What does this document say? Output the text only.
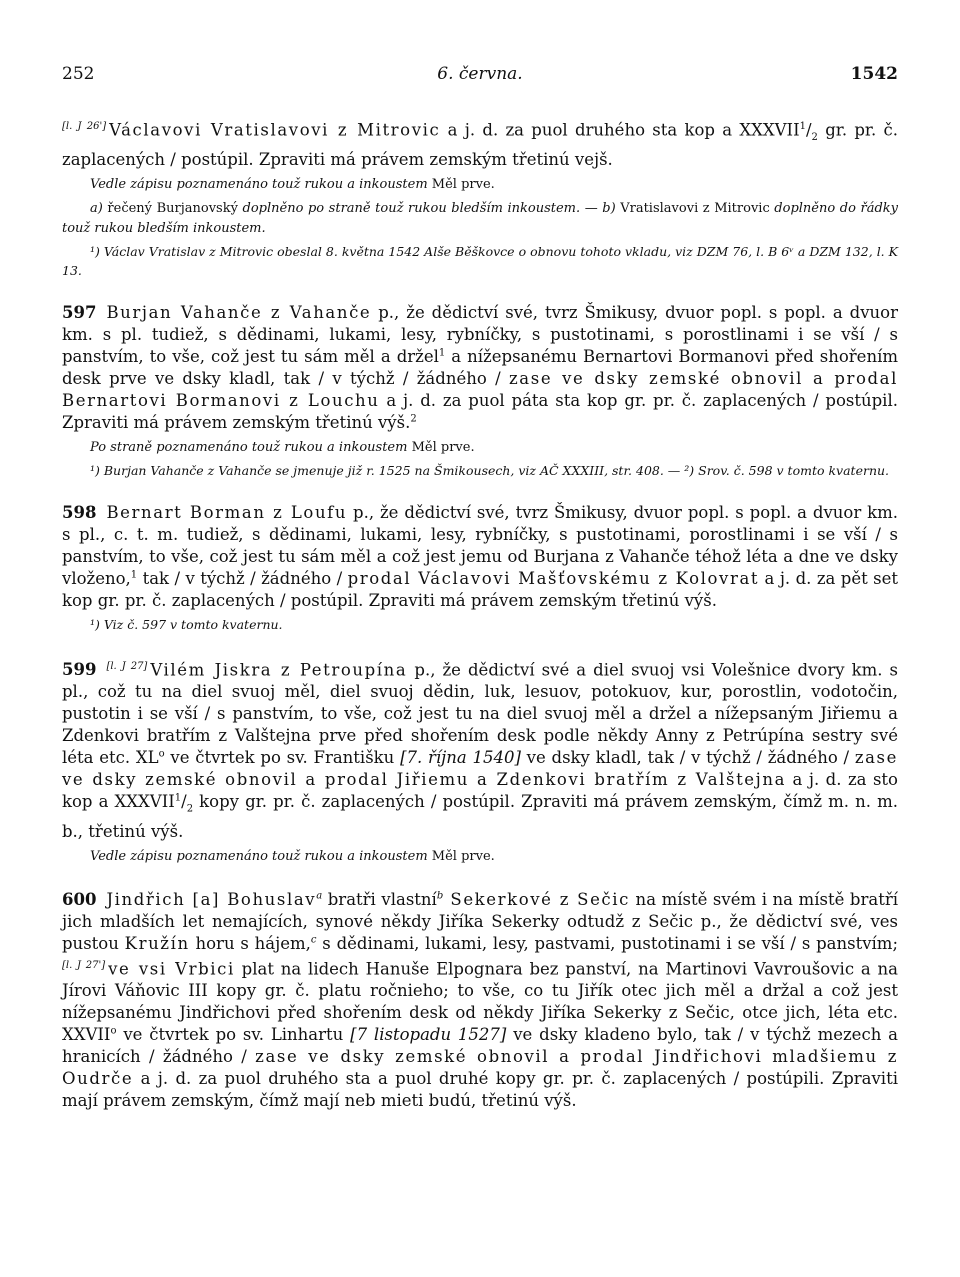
252	6. června.	1542

[l. J 26'] Václavovi Vratislavovi z Mitrovic a j. d. za puol druhého sta kop a $XXXVII^1/_2$ gr. pr. č. zaplacených / postúpil. Zpraviti má právem zemským třetinú vejš.

Vedle zápisu poznamenáno touž rukou a inkoustem Měl prve.

a) řečený Burjanovský doplněno po straně touž rukou bledším inkoustem. — b) Vratislavovi z Mitrovic doplněno do řádky touž rukou bledším inkoustem.

¹) Václav Vratislav z Mitrovic obeslal 8. května 1542 Alše Běškovce o obnovu tohoto vkladu, viz DZM 76, l. B 6ᵛ a DZM 132, l. K 13.

597 Burjan Vahanče z Vahanče p., že dědictví své, tvrz Šmikusy, dvuor popl. s popl. a dvuor km. s pl. tudiež, s dědinami, lukami, lesy, rybníčky, s pustotinami, s porostlinami i se vší / s panstvím, to vše, což jest tu sám měl a držel$^1$ a nížepsanému Bernartovi Bormanovi před shořením desk prve ve dsky kladl, tak / v týchž / žádného / zase ve dsky zemské obnovil a prodal Bernartovi Bormanovi z Louchu a j. d. za puol páta sta kop gr. pr. č. zaplacených / postúpil. Zpraviti má právem zemským třetinú výš.$^2$

Po straně poznamenáno touž rukou a inkoustem Měl prve.

¹) Burjan Vahanče z Vahanče se jmenuje již r. 1525 na Šmikousech, viz AČ XXXIII, str. 408. — ²) Srov. č. 598 v tomto kvaternu.

598 Bernart Borman z Loufu p., že dědictví své, tvrz Šmikusy, dvuor popl. s popl. a dvuor km. s pl., c. t. m. tudiež, s dědinami, lukami, lesy, rybníčky, s pustotinami, porostlinami i se vší / s panstvím, to vše, což jest tu sám měl a což jest jemu od Burjana z Vahanče téhož léta a dne ve dsky vloženo,$^1$ tak / v týchž / žádného / prodal Václavovi Mašťovskému z Kolovrat a j. d. za pět set kop gr. pr. č. zaplacených / postúpil. Zpraviti má právem zemským třetinú výš.

¹) Viz č. 597 v tomto kvaternu.

599 [l. J 27] Vilém Jiskra z Petroupína p., že dědictví své a diel svuoj vsi Volešnice dvory km. s pl., což tu na diel svuoj měl, diel svuoj dědin, luk, lesuov, potokuov, kur, porostlin, vodotočin, pustotin i se vší / s panstvím, to vše, což jest tu na diel svuoj měl a držel a nížepsaným Jiřiemu a Zdenkovi bratřím z Valštejna prve před shořením desk podle někdy Anny z Petrúpína sestry své léta etc. $XL^o$ ve čtvrtek po sv. Františku [7. října 1540] ve dsky kladl, tak / v týchž / žádného / zase ve dsky zemské obnovil a prodal Jiřiemu a Zdenkovi bratřím z Valštejna a j. d. za sto kop a $XXXVII^1/_2$ kopy gr. pr. č. zaplacených / postúpil. Zpraviti má právem zemským, čímž m. n. m. b., třetinú výš.

Vedle zápisu poznamenáno touž rukou a inkoustem Měl prve.

600 Jindřich [a] Bohuslav$^a$ bratři vlastní$^b$ Sekerkové z Sečic na místě svém i na místě bratří jich mladších let nemajících, synové někdy Jiříka Sekerky odtudž z Sečic p., že dědictví své, ves pustou Kružín horu s hájem,$^c$ s dědinami, lukami, lesy, pastvami, pustotinami i se vší / s panstvím; [l. J 27'] ve vsi Vrbici plat na lidech Hanuše Elpognara bez panství, na Martinovi Vavroušovic a na Jírovi Váňovic III kopy gr. č. platu ročnieho; to vše, co tu Jiřík otec jich měl a držal a což jest nížepsanému Jindřichovi před shořením desk od někdy Jiříka Sekerky z Sečic, otce jich, léta etc. XXVII$^o$ ve čtvrtek po sv. Linhartu [7 listopadu 1527] ve dsky kladeno bylo, tak / v týchž mezech a hranicích / žádného / zase ve dsky zemské obnovil a prodal Jindřichovi mladšiemu z Oudrče a j. d. za puol druhého sta a puol druhé kopy gr. pr. č. zaplacených / postúpili. Zpraviti mají právem zemským, čímž mají neb mieti budú, třetinú výš.
